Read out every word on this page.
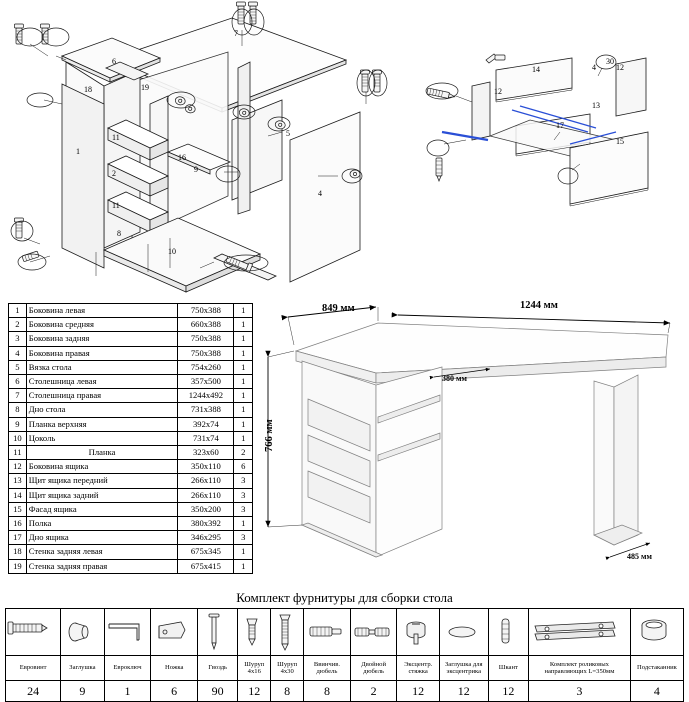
6
7
18	19
1
16
11
2
11
8
10
9
5
4
14	12
12
4
30
13
17
15
1	Боковина левая	750x388	1
2	Боковина средняя	660x388	1
3	Боковина задняя	750x388	1
4	Боковина правая	750x388	1
5	Вязка стола	754x260	1
6	Столешница левая	357x500	1
7	Столешница правая	1244x492	1
8	Дно стола	731x388	1
9	Планка верхняя	392x74	1
10	Цоколь	731x74	1
11	Планка	323x60	2
12	Боковина ящика	350x110	6
13	Щит ящика передний	266x110	3
14	Щит ящика задний	266x110	3
15	Фасад ящика	350x200	3
16	Полка	380x392	1
17	Дно ящика	346x295	3
18	Стенка задняя левая	675x345	1
19	Стенка задняя правая	675x415	1
849 мм	1244 мм
766 мм
380 мм
485 мм
Комплект фурнитуры для сборки стола

Евровинт	Заглушка	Евроключ	Ножка	Гвоздь	Шуруп 4x16	Шуруп 4x30	Ввинчив. дюбель	Двойной дюбель	Эксцентр. стяжка	Заглушка для эксцентрика	Шкант	Комплект роликовых направляющих L=350мм	Подстаканник
24	9	1	6	90	12	8	8	2	12	12	12	3	4
